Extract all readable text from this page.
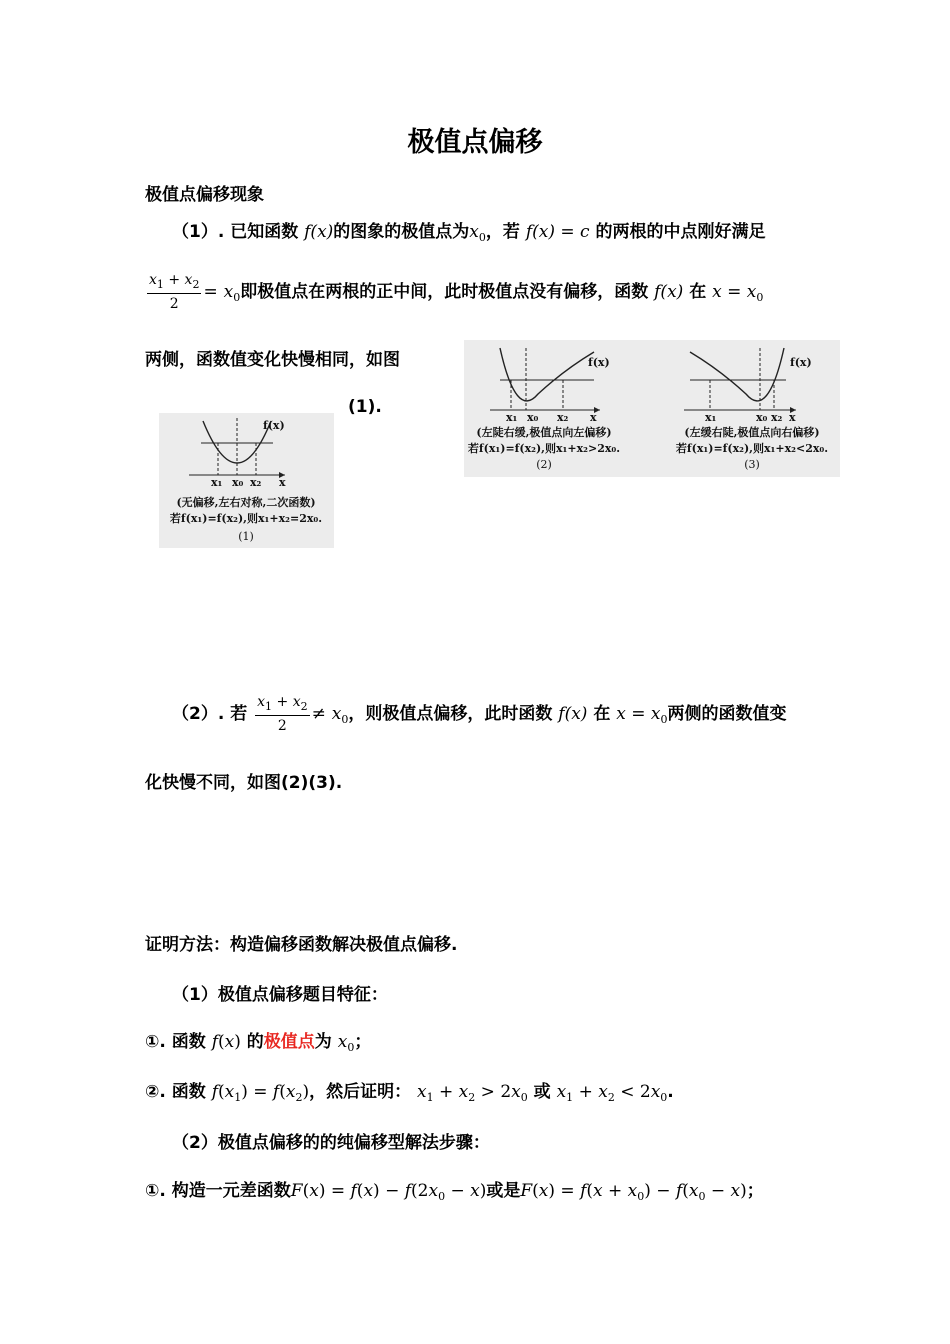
极值点偏移
极值点偏移现象
（1）. 已知函数 f(x)的图象的极值点为$x_0$，若 f(x) = c 的两根的中点刚好满足
$\frac{x_1 + x_2}{2} = x_0$即极值点在两根的正中间，此时极值点没有偏移，函数 f(x) 在 $x = x_0$
两侧，函数值变化快慢相同，如图
(1).
f(x)
x₁ x₀ x₂ x
(无偏移,左右对称,二次函数)
若f(x₁)=f(x₂),则x₁+x₂=2x₀.
(1)
f(x)
x₁ x₀ x₂ x
(左陡右缓,极值点向左偏移)
若f(x₁)=f(x₂),则x₁+x₂>2x₀.
(2)
f(x)
x₁	x₀ x₂ x
(左缓右陡,极值点向右偏移)
若f(x₁)=f(x₂),则x₁+x₂<2x₀.
(3)
（2）. 若 $\frac{x_1 + x_2}{2} \ne x_0$，则极值点偏移，此时函数 f(x) 在 $x = x_0$两侧的函数值变
化快慢不同，如图(2)(3).
证明方法：构造偏移函数解决极值点偏移.
（1）极值点偏移题目特征：
①. 函数 f(x) 的极值点为 $x_0$；
②. 函数 $f(x_1) = f(x_2)$，然后证明： $x_1 + x_2 > 2x_0$ 或 $x_1 + x_2 < 2x_0$.
（2）极值点偏移的的纯偏移型解法步骤：
①. 构造一元差函数$F(x) = f(x) - f(2x_0 - x)$或是$F(x) = f(x + x_0) - f(x_0 - x)$；
